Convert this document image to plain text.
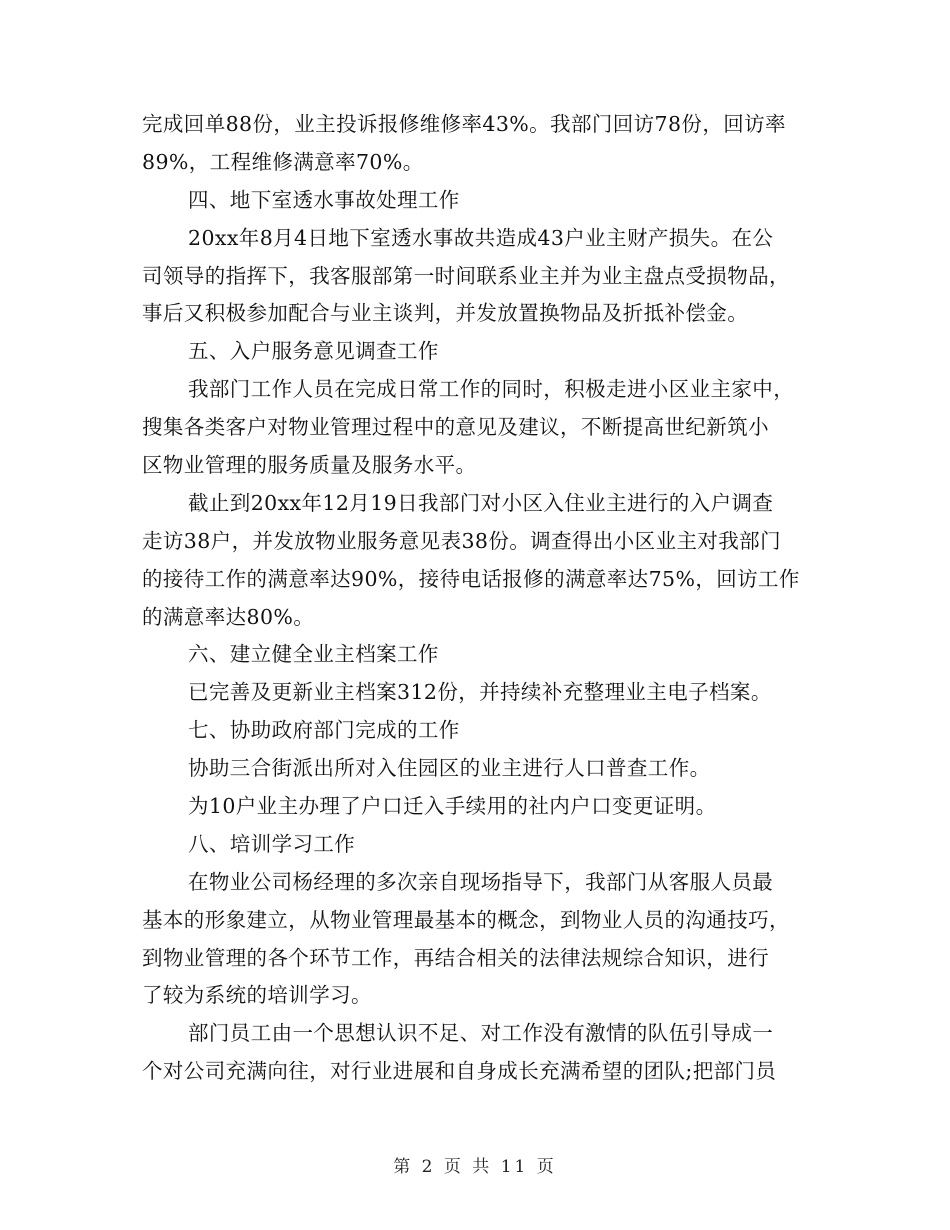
完成回单88份，业主投诉报修维修率43%。我部门回访78份，回访率
89%，工程维修满意率70%。
四、地下室透水事故处理工作
20xx年8月4日地下室透水事故共造成43户业主财产损失。在公
司领导的指挥下，我客服部第一时间联系业主并为业主盘点受损物品，
事后又积极参加配合与业主谈判，并发放置换物品及折抵补偿金。
五、入户服务意见调查工作
我部门工作人员在完成日常工作的同时，积极走进小区业主家中，
搜集各类客户对物业管理过程中的意见及建议，不断提高世纪新筑小
区物业管理的服务质量及服务水平。
截止到20xx年12月19日我部门对小区入住业主进行的入户调查
走访38户，并发放物业服务意见表38份。调查得出小区业主对我部门
的接待工作的满意率达90%，接待电话报修的满意率达75%，回访工作
的满意率达80%。
六、建立健全业主档案工作
已完善及更新业主档案312份，并持续补充整理业主电子档案。
七、协助政府部门完成的工作
协助三合街派出所对入住园区的业主进行人口普查工作。
为10户业主办理了户口迁入手续用的社内户口变更证明。
八、培训学习工作
在物业公司杨经理的多次亲自现场指导下，我部门从客服人员最
基本的形象建立，从物业管理最基本的概念，到物业人员的沟通技巧，
到物业管理的各个环节工作，再结合相关的法律法规综合知识，进行
了较为系统的培训学习。
部门员工由一个思想认识不足、对工作没有激情的队伍引导成一
个对公司充满向往，对行业进展和自身成长充满希望的团队;把部门员
第 2 页 共 11 页
